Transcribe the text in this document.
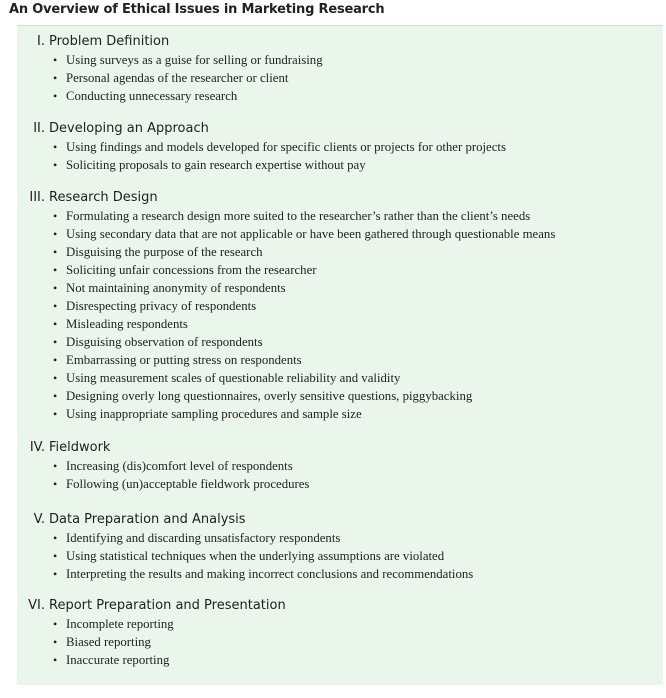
An Overview of Ethical Issues in Marketing Research
I. Problem Definition
• Using surveys as a guise for selling or fundraising
• Personal agendas of the researcher or client
• Conducting unnecessary research
II. Developing an Approach
• Using findings and models developed for specific clients or projects for other projects
• Soliciting proposals to gain research expertise without pay
III. Research Design
• Formulating a research design more suited to the researcher’s rather than the client’s needs
• Using secondary data that are not applicable or have been gathered through questionable means
• Disguising the purpose of the research
• Soliciting unfair concessions from the researcher
• Not maintaining anonymity of respondents
• Disrespecting privacy of respondents
• Misleading respondents
• Disguising observation of respondents
• Embarrassing or putting stress on respondents
• Using measurement scales of questionable reliability and validity
• Designing overly long questionnaires, overly sensitive questions, piggybacking
• Using inappropriate sampling procedures and sample size
IV. Fieldwork
• Increasing (dis)comfort level of respondents
• Following (un)acceptable fieldwork procedures
V. Data Preparation and Analysis
• Identifying and discarding unsatisfactory respondents
• Using statistical techniques when the underlying assumptions are violated
• Interpreting the results and making incorrect conclusions and recommendations
VI. Report Preparation and Presentation
• Incomplete reporting
• Biased reporting
• Inaccurate reporting
